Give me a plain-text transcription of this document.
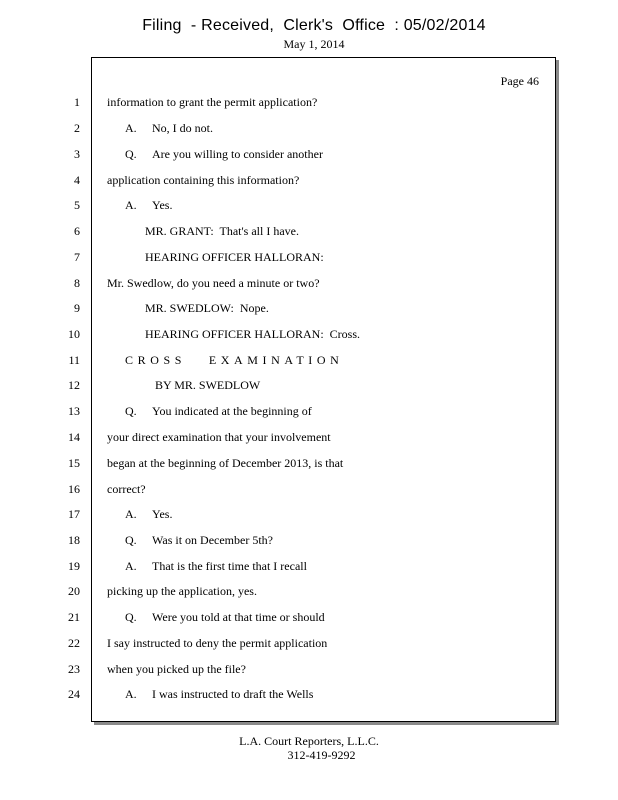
Filing  - Received,  Clerk's  Office  : 05/02/2014
May 1, 2014
Page 46
1 information to grant the permit application?
2	A. No, I do not.
3	Q. Are you willing to consider another
4 application containing this information?
5	A. Yes.
6	MR. GRANT:  That's all I have.
7	HEARING OFFICER HALLORAN:
8 Mr. Swedlow, do you need a minute or two?
9	MR. SWEDLOW:  Nope.
10	HEARING OFFICER HALLORAN:  Cross.
11	CROSS   EXAMINATION
12	BY MR. SWEDLOW
13	Q. You indicated at the beginning of
14 your direct examination that your involvement
15 began at the beginning of December 2013, is that
16 correct?
17	A. Yes.
18	Q. Was it on December 5th?
19	A. That is the first time that I recall
20 picking up the application, yes.
21	Q. Were you told at that time or should
22 I say instructed to deny the permit application
23 when you picked up the file?
24	A. I was instructed to draft the Wells
L.A. Court Reporters, L.L.C.
312-419-9292
